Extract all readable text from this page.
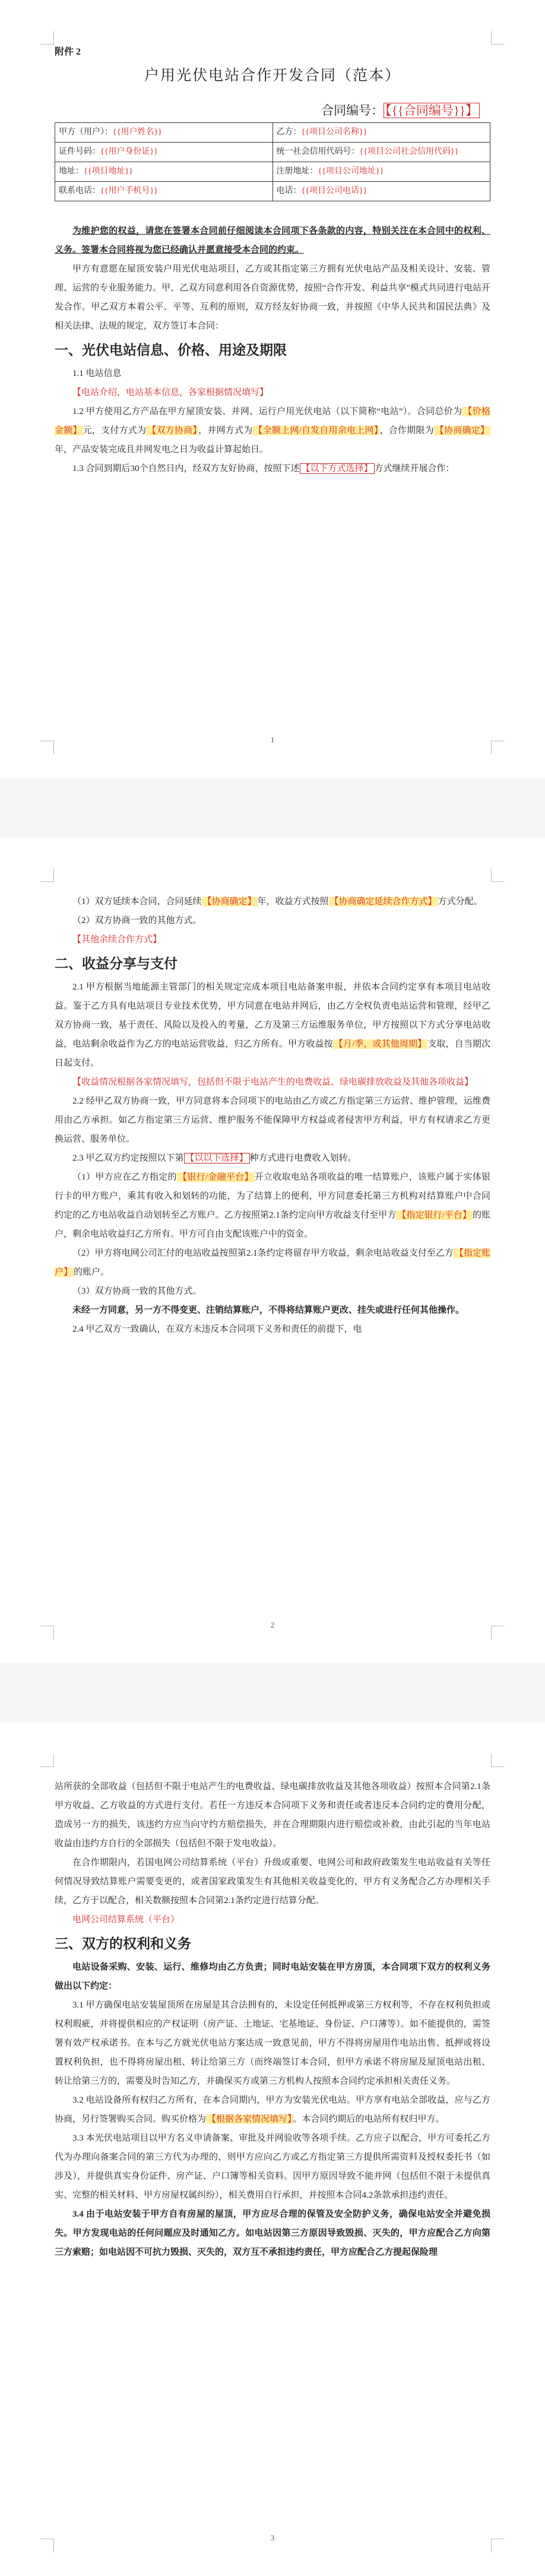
附件 2
户用光伏电站合作开发合同（范本）
合同编号： 【{{合同编号}}】
甲方（用户）：{{用户姓名}}	乙方：{{项目公司名称}}
证件号码：{{用户身份证}}	统一社会信用代码号：{{项目公司社会信用代码}}
地址：{{项目地址}}	注册地址：{{项目公司地址}}
联系电话：{{用户手机号}}	电话：{{项目公司电话}}

为维护您的权益，请您在签署本合同前仔细阅读本合同项下各条款的内容，特别关注在本合同中的权利、义务。签署本合同将视为您已经确认并愿意接受本合同的约束。

甲方有意愿在屋顶安装户用光伏电站项目，乙方或其指定第三方拥有光伏电站产品及相关设计、安装、管理、运营的专业服务能力。甲、乙双方同意利用各自资源优势，按照“合作开发、利益共享”模式共同进行电站开发合作。甲乙双方本着公平、平等、互利的原则，双方经友好协商一致，并按照《中华人民共和国民法典》及相关法律、法规的规定，双方签订本合同：

一、光伏电站信息、价格、用途及期限

1.1 电站信息

【电站介绍，电站基本信息，各家根据情况填写】

1.2 甲方使用乙方产品在甲方屋顶安装、并网、运行户用光伏电站（以下简称“电站”）。合同总价为 【价格金额】 元，支付方式为 【双方协商】 ，并网方式为 【全额上网/自发自用余电上网】 ，合作期限为 【协商确定】年，产品安装完成且并网发电之日为收益计算起始日。

1.3 合同到期后30个自然日内，经双方友好协商，按照下述 【以下方式选择】 方式继续开展合作：

1

（1）双方延续本合同，合同延续 【协商确定】 年，收益方式按照 【协商确定延续合作方式】 方式分配。

（2）双方协商一致的其他方式。

【其他余续合作方式】

二、收益分享与支付

2.1 甲方根据当地能源主管部门的相关规定完成本项目电站备案申报，并依本合同约定享有本项目电站收益。鉴于乙方具有电站项目专业技术优势，甲方同意在电站并网后，由乙方全权负责电站运营和管理，经甲乙双方协商一致，基于责任、风险以及投入的考量，乙方及第三方运维服务单位，甲方按照以下方式分享电站收益，电站剩余收益作为乙方的电站运营收益，归乙方所有。甲方收益按 【月/季，或其他周期】 支取，自当期次日起支付。

【收益情况根据各家情况填写，包括但不限于电站产生的电费收益、绿电碳排放收益及其他各项收益】

2.2 经甲乙双方协商一致，甲方同意将本合同项下的电站由乙方或乙方指定第三方运营、维护管理，运维费用由乙方承担。如乙方指定第三方运营、维护服务不能保障甲方权益或者侵害甲方利益，甲方有权请求乙方更换运营、服务单位。

2.3 甲乙双方约定按照以下第 【以以下选择】 种方式进行电费收入划转。

（1）甲方应在乙方指定的 【银行/金融平台】 开立收取电站各项收益的唯一结算账户，该账户属于实体银行卡的甲方账户，乘其有收入和划转的功能，为了结算上的便利，甲方同意委托第三方机构对结算账户中合同约定的乙方电站收益自动划转至乙方账户。乙方按照第2.1条约定向甲方收益支付至甲方 【指定银行/平台】 的账户，剩余电站收益归乙方所有。甲方可自由支配该账户中的资金。

（2）甲方将电网公司汇付的电站收益按照第2.1条约定将留存甲方收益，剩余电站收益支付至乙方 【指定账户】 的账户。

（3）双方协商一致的其他方式。

未经一方同意，另一方不得变更、注销结算账户，不得将结算账户更改、挂失或进行任何其他操作。

2.4 甲乙双方一致确认，在双方未违反本合同项下义务和责任的前提下，电

2

站所获的全部收益（包括但不限于电站产生的电费收益、绿电碳排放收益及其他各项收益）按照本合同第2.1条甲方收益、乙方收益的方式进行支付。若任一方违反本合同项下义务和责任或者违反本合同约定的费用分配，造成另一方的损失，该违约方应当向守约方赔偿损失，并在合理期限内进行赔偿或补救，由此引起的当年电站收益由违约方自行的全部损失（包括但不限于发电收益）。

在合作期限内，若国电网公司结算系统（平台）升级或重要、电网公司和政府政策发生电站收益有关等任何情况导致结算账户需要变更的，或者国家政策发生有其他相关收益变化的，甲方有义务配合乙方办理相关手续，乙方于以配合，相关数额按照本合同第2.1条约定进行结算分配。

电网公司结算系统（平台）

三、双方的权利和义务

电站设备采购、安装、运行、维修均由乙方负责；同时电站安装在甲方房顶，本合同项下双方的权利义务做出以下约定：

3.1 甲方确保电站安装屋顶所在房屋是其合法拥有的，未设定任何抵押或第三方权利等，不存在权利负担或权利瑕疵，并将提供相应的产权证明（房产证、土地证、宅基地证、身份证、户口薄等）。如不能提供的，需签署有效产权承诺书。在本与乙方就光伏电站方案达成一致意见前，甲方不得将房屋用作电站出售、抵押或将设置权利负担，也不得将房屋出租、转让给第三方（而终端签订本合同，但甲方承诺不将房屋及屋顶电站出租、转让给第三方的，需要及时告知乙方，并确保买方或第三方机构人按照本合同约定承担相关责任义务。

3.2 电站设备所有权归乙方所有，在本合同期内，甲方为安装光伏电站。甲方享有电站全部收益，应与乙方协商，另行签署购买合同。购买价格为 【根据各家情况填写】 。本合同约期后的电站所有权归甲方。

3.3 本光伏电站项目以甲方名义申请备案、审批及并网验收等各项手续。乙方应子以配合，甲方可委托乙方代为办理向备案合同的第三方代为办理的，则甲方应向乙方或乙方指定第三方提供所需资料及授权委托书（如涉及），并提供真实身份证件、房产证、户口簿等相关资料。因甲方原因导致不能并网（包括但不限于未提供真实、完整的相关材料、甲方房屋权属纠纷），相关费用自行承担，并按照本合同4.2条款承担违约责任。

3.4 由于电站安装于甲方自有房屋的屋顶，甲方应尽合理的保管及安全防护义务，确保电站安全并避免损失。甲方发现电站的任何问题应及时通知乙方。如电站因第三方原因导致毁损、灭失的，甲方应配合乙方向第三方索赔；如电站因不可抗力毁损、灭失的，双方互不承担违约责任，甲方应配合乙方提起保险理

3
